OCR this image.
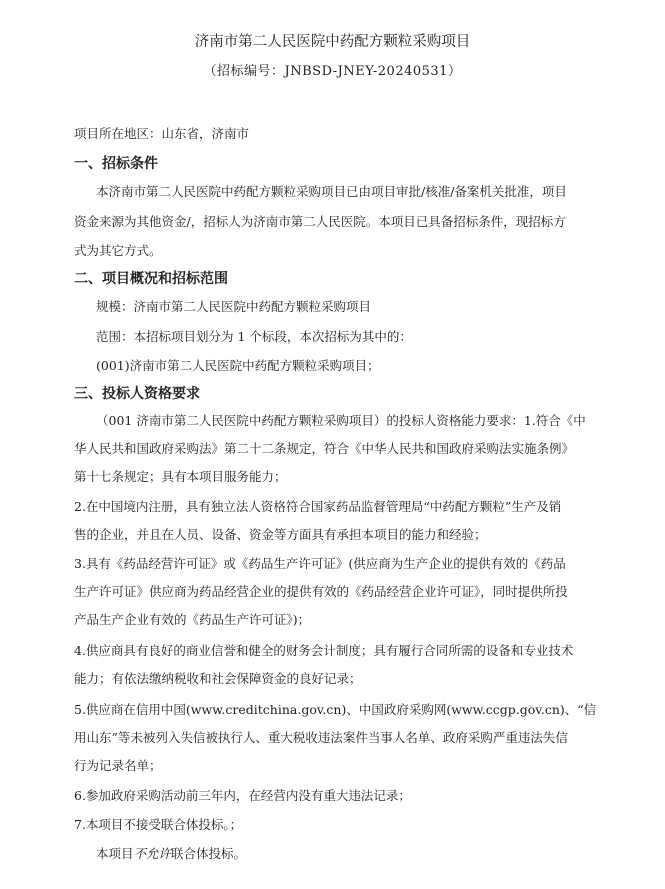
济南市第二人民医院中药配方颗粒采购项目
（招标编号：JNBSD-JNEY-20240531）
项目所在地区：山东省，济南市
一、招标条件
本济南市第二人民医院中药配方颗粒采购项目已由项目审批/核准/备案机关批准，项目
资金来源为其他资金/，招标人为济南市第二人民医院。本项目已具备招标条件，现招标方
式为其它方式。
二、项目概况和招标范围
规模：济南市第二人民医院中药配方颗粒采购项目
范围：本招标项目划分为 1 个标段，本次招标为其中的：
(001)济南市第二人民医院中药配方颗粒采购项目；
三、投标人资格要求
（001 济南市第二人民医院中药配方颗粒采购项目）的投标人资格能力要求：1.符合《中
华人民共和国政府采购法》第二十二条规定，符合《中华人民共和国政府采购法实施条例》
第十七条规定；具有本项目服务能力；
2.在中国境内注册，具有独立法人资格符合国家药品监督管理局“中药配方颗粒”生产及销
售的企业，并且在人员、设备、资金等方面具有承担本项目的能力和经验；
3.具有《药品经营许可证》或《药品生产许可证》(供应商为生产企业的提供有效的《药品
生产许可证》供应商为药品经营企业的提供有效的《药品经营企业许可证》，同时提供所投
产品生产企业有效的《药品生产许可证》)；
4.供应商具有良好的商业信誉和健全的财务会计制度；具有履行合同所需的设备和专业技术
能力；有依法缴纳税收和社会保障资金的良好记录；
5.供应商在信用中国(www.creditchina.gov.cn)、中国政府采购网(www.ccgp.gov.cn)、“信
用山东”等未被列入失信被执行人、重大税收违法案件当事人名单、政府采购严重违法失信
行为记录名单；
6.参加政府采购活动前三年内，在经营内没有重大违法记录；
7.本项目不接受联合体投标。；
本项目不允许联合体投标。
